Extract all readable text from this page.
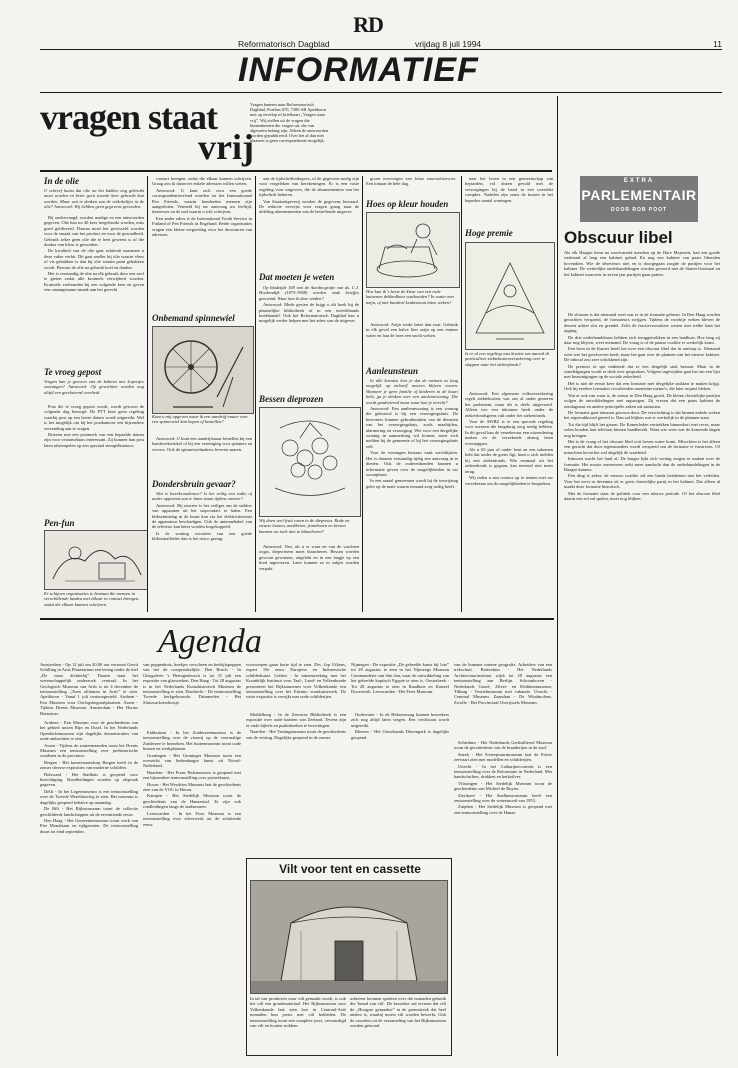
RD
Reformatorisch Dagblad	vrijdag 8 juli 1994	11
INFORMATIEF
vragen staat
vrij
Vragen kunnen naar Reformatorisch Dagblad, Postbus 670, 7300 AR Apeldoorn met op envelop of briefkaart „Vragen staat vrij”. Wij stellen uit de vragen die binnenkomen die vragen uit, die van algemeen belang zijn. Alleen de antwoorden worden gepubliceerd. Over het al dan niet plaatsen is geen correspondentie mogelijk.
In de olie
U schreef laatst dat olie na het bakken nog gebruikt moet worden en beter geen tweede keer gebruikt kan worden. Maar wat te denken van de vetkokeltjes in de olie? Antwoord: Wij hebben geen gegevens gevonden.

Bij ondervraagd, worden aardige en een antwoorden gegeven. Olie kan tot 40 keer hergebruikt worden, mits goed gefiltreerd. Daarna moet het gewisseld worden voor de smaak van het product en voor de gezondheid. Gebruik zeker geen olie die te heet geweest is of die donker van kleur is geworden.

De kwaliteit van de olie gaat achteruit naarmate u deze vaker verhit. Dit gaat sneller bij olie waarin vlees of vis gebakken is dan bij olie waarin patat gebakken wordt. Bewaar de olie na gebruik koel en donker.

Het is verstandig de olie na elk gebruik door een zeef te gieten zodat alle kruimels verwijderd worden. Kruimels verbranden bij een volgende keer en geven een onaangename smaak aan het gerecht.

Te vroeg gepost
Vragen kan je gewoon van de kabinet met kopertjes ontvangen? Antwoord: Op gewichten worden nog altijd een gerelateerd overheid.

Post die te vroeg gepost wordt, wordt gewoon de volgende dag bezorgd. De PTT kent geen regeling waarbij post op een latere datum wordt uitgereikt. Wel is het mogelijk om bij het postkantoor een bijzondere verzending aan te vragen.

Brieven met een postmerk van een bepaalde datum zijn voor verzamelaars interessant. Zij kunnen hun post laten afstempelen op een speciaal stempelkantoor.

Pen-fun
Er schijnen organisaties te bestaan die mensen in verschillende landen met elkaar in contact brengen, zodat die elkaar kunnen schrijven.

contact brengen, zodat die elkaar kunnen schrijven. Graag zou ik daarover enkele adressen willen weten.

Antwoord: U kunt zich voor een goede correspondentievriend wenden tot het Internationaal Pen Friends, waarin honderden mensen zijn aangesloten. Vermeld bij uw aanvraag uw leeftijd, interesses en de taal waarin u wilt schrijven.

Een ander adres is de International Youth Service in Finland of Pen Friends in Engeland. Beide organisaties vragen een kleine vergoeding voor het doorsturen van adressen.

Onbemand spinnewiel
Kunt u mij opgeven waar ik een aandrijf-snaar voor een spinnewiel kan kopen of bestellen?

Antwoord: U kunt een aandrijfsnaar bestellen bij een handwerkwinkel of bij een vereniging voor spinners en wevers. Ook de spinnewielmakers leveren snaren.

Dondersbruin gevaar?

Wat is kweekcondensor? Is het veilig een radio of ander apparaat aan te laten staan tijdens onweer?

Antwoord: Bij onweer is het veiliger om de stekker van apparaten uit het stopcontact te halen. Een blikseminslag in de buurt kan via het elektriciteitsnet de apparatuur beschadigen. Ook de antennekabel van de televisie kan beter worden losgekoppeld.

Is de woning voorzien van een goede bliksemafleider dan is het risico gering.

aan de tijdschriftenkopers, of de gegevens nodig zijn voor vergeleken van berekeningen. Er is een vaste regeling voor uitgevers, die de abonnementen van het tijdschrift beheren.

Van Staatsuitgeverij worden de gegevens bewaard. De redactie verwijst voor vragen graag naar de afdeling abonnementen van de betreffende uitgever.

Dat moeten je weten

Op bladzijde 169 van de Autobiografie van ds. C.J. Hoekendijk (1873-1958) worden vaak briefjes genoemd. Waar kan ik deze vinden?

Antwoord: Mede gezien de krijgt u dit boek bij de plaatselijke bibliotheek of in een tweedehands boekhandel. Ook het Reformatorisch Dagblad kan u mogelijk verder helpen met het adres van de uitgever.

Bessen dieprozen
Wij doen veel fruit rozen in de diepvries. Rode en zwarte bessen, aardbeien, frambozen en kersen kunnen we toch niet te blancheren?

Antwoord: Nee, als u er waar en van de vruchten oogst, diepvriezen moet blancheren. Bessen worden gewoon gewassen, uitgelekt en in een laagje op een bord ingevroren. Later kunnen ze in zakjes worden verpakt.

groen overwegen van frisse zuurstoftoevoer. Een tomaat de hele dag.

Hoes op kleur houden
Hoe kan ik 't beste de kleur van een rode katoenen dekbedhoes vasthouden? In water met azijn, of met handvol keukenzout laten weken?

Antwoord: Azijn werkt beter dan zout. Gebruik in elk geval een halve liter azijn op een emmer water en laat de hoes een nacht weken.

Aanleunsteun

In alle kranten lees je dat de mensen zo lang mogelijk op zichzelf moeten blijven wonen. Wanneer je geen familie of kinderen in de buurt hebt, ga je denken over een aanleunwoning. Die wordt geadviseerd maar waar kan je terecht?

Antwoord: Een aanleunwoning is een woning die gebouwd is bij een verzorgingshuis. De bewoners kunnen gebruikmaken van de diensten van het verzorgingshuis, zoals maaltijden, alarmering en verzorging. Wie voor een dergelijke woning in aanmerking wil komen, moet zich melden bij de gemeente of bij het verzorgingshuis zelf.

Voor de woningen bestaan vaak wachtlijsten. Het is daarom verstandig tijdig een aanvraag in te dienen. Ook de ouderenbonden kunnen u informatie geven over de mogelijkheden in uw woonplaats.

In een aantal gemeenten wordt bij de toewijzing gelet op de mate waarin iemand zorg nodig heeft.

naar het leven in een gemeenschap van bejaarden, vol dozen gevuld met de verzorgingen bij de hand in een overdekt complex. Nadelen zijn soms de kosten in het beperkte aantal woningen.

Hoge premie
Is er al een regeling was kruiste om aanval di particuliere ziektekostenverzekering over te stappen naar het ziekenfonds?

Antwoord: Een algemene volksverzekering regelt ziektekosten, wat ons al onder gesteren het parlement, maar dit is deels uitgevoerd. Alleen wie een inkomen heeft onder de ziekenfondsgrens valt onder het ziekenfonds.

Voor de AWBZ is er een speciale regeling voor mensen die langdurig zorg nodig hebben. In dit geval kan de verzekeraar een uitzondering maken en de verzekerde alsnog laten overstappen.

Als u 65 jaar of ouder bent en een inkomen hebt dat onder de grens ligt, kunt u zich melden bij een ziekenfonds. Wie eenmaal uit het ziekenfonds is gegaan, kan meestal niet meer terug.

Wij raden u aan contact op te nemen met uw verzekeraar om de mogelijkheden te bespreken.

EXTRA
PARLEMENTAIR
DOOR ROB POOT
Obscuur libel
Als elk Haagse kenn na voortvarend mesdien op de Hare Majesteit, had een goede vadertaal al lang een kabinet gehad. En nog een kabinet van paars liberalen bovendien. Wie de deserteurs niet en is doorgegaan zorgde de partijen voor het kabinet. De werkelijke onderhandelingen worden gevoerd met de Staten-Generaal en het kabinet waarover in zeven jaar partijen gaan praten.

De slotsom is dat niemand weet wat er in de formatie gebeurt. In Den Haag worden geruchten verspreid, de formateurs zwijgen. Tijdens de voorbije weken bleven de deuren achter slot en grendel. Zelfs de fractievoorzitters wisten niet welke kant het opging.

De drie onderhandelaars hebben zich teruggetrokken in een landhuis. Hoe lang zij daar nog blijven, weet niemand. De vraag is of de paarse coalitie er werkelijk komt.

Een bron in de Kamer heeft het over een obscuur libel dat in omloop is. Niemand weet wie het geschreven heeft, maar het gaat over de plannen van het nieuwe kabinet. De inhoud zou zeer schokkend zijn.

De premier in spe ontkende dat er een dergelijk stuk bestaat. Maar in de wandelgangen wordt er druk over gesproken. Volgens ingewijden gaat het om een lijst met bezuinigingen op de sociale zekerheid.

Het is niet de eerste keer dat een formatie met dergelijke stukken te maken krijgt. Ook bij eerdere formaties circuleerden anonieme memo's, die later onjuist bleken.

Wat er ook van waar is, de onrust in Den Haag groeit. De kleine christelijke partijen volgen de ontwikkelingen met argusogen. Zij vrezen dat een paars kabinet de zondagsrust en andere principiële zaken zal aantasten.

De formatie gaat intussen gewoon door. De verwachting is dat binnen enkele weken het regeerakkoord gereed is. Dan zal blijken wat er werkelijk in de plannen staat.

Tot die tijd blijft het gissen. De Kamerleden vertrekken binnenkort met reces, maar velen houden hun telefoon binnen handbereik. Want wie weet wat de komende dagen nog brengen.

Het is de vraag of het obscure libel ooit boven water komt. Misschien is het alleen een gerucht dat door tegenstanders wordt verspreid om de formatie te frustreren. Of misschien bevat het wel degelijk de waarheid.

Intussen wacht het land af. De burger lijkt zich weinig zorgen te maken over de formatie. Het mooie zomerweer trekt meer aandacht dan de onderhandelingen in de Haagse kamers.

Eén ding is zeker: de nieuwe coalitie zal een breuk betekenen met het verleden. Voor het eerst in decennia zit er geen christelijke partij in het kabinet. Dat alleen al maakt deze formatie historisch.

Met de formatie staat de politiek voor een nieuwe periode. Of het obscure libel daarin een rol zal spelen, moet nog blijken.

Agenda
Amsterdam - Op 12 juli om 20.00 uur vertoont Gerrit Schilling in Artis Planetarium een lezing onder de titel „De mast dichterbij”. Daarin staat het wetenschappelijk onderzoek centraal. In het Geologisch Museum van Artis is tot 4 december de tentoonstelling „Toen olifanten in Artis” te zien. Apeldoorn - Vanaf 1 juli tentoongesteld. Arnhem - Een Museum voor Oorlogsbegraafplaatsen. Assen - Tijdens Drents Museum. Amsterdam - Het Hortus Botanicus.

Arnhem - Een Museum voor de geschiedenis van het gebied tussen Rijn en IJssel. In het Nederlands Openluchtmuseum zijn dagelijks demonstraties van oude ambachten te zien.

Assen - Tijdens de zomermaanden toont het Drents Museum een tentoonstelling over prehistorische vondsten in de provincie.

Bergen - Het kunstenaarsdorp Bergen heeft in de zomer diverse exposities van moderne schilders.

Bolsward - Het Stadhuis is geopend voor bezichtiging. Rondleidingen worden op afspraak gegeven.

Delft - In het Legermuseum is een tentoonstelling over de Tweede Wereldoorlog te zien. Het museum is dagelijks geopend behalve op maandag.

De Bilt - Het Rijksmuseum toont de collectie geschilderde landschappen uit de zeventiende eeuw.

Den Haag - Het Gemeentemuseum toont werk van Piet Mondriaan en tijdgenoten. De tentoonstelling duurt tot eind september.

van poppenhuis, boekjes verscheen en bedrijfspoppen van het de oorspronkelijke. Den Bosch - In Glasgalerie 's Hertogenbosch is tot 31 juli een expositie van glaswerken. Den Haag - Tot 28 augustus is in het Nederlands Kunsthistorisch Museum de tentoonstelling te zien. Dordrecht - De tentoonstelling Tweede kerkgebouwde. Drimmelen - Het Sluiswachtershuisje.

Enkhuizen - In het Zuiderzeemuseum is de tentoonstelling over de visserij op de voormalige Zuiderzee te bezoeken. Het buitenmuseum toont oude huizen en werkplaatsen.

Groningen - Het Groninger Museum toont een overzicht van hedendaagse kunst uit Noord-Nederland.

Haarlem - Het Frans Halsmuseum is geopend met een bijzondere tentoonstelling over portretkunst.

Hoorn - Het Westfries Museum laat de geschiedenis zien van de VOC in Hoorn.

Kampen - Het Stedelijk Museum toont de geschiedenis van de Hanzestad. Er zijn ook rondleidingen langs de stadsmuren.

Leeuwarden - In het Fries Museum is een tentoonstelling over zilverwerk uit de achttiende eeuw.

voorwerpen gaan korte tijd te zien. Drs. Jop Uiltens, expert 19e eeuw Europese en Indonesische schilderkunst. Leiden - In samenwerking met het Koninklijk Instituut voor Taal-, Land- en Volkenkunde presenteert het Rijksmuseum voor Volkenkunde een tentoonstelling over het Eskimo vuurkunstwerk. De vaste expositie is verrijkt met oude schilderijen.

Middelburg - In de Zeeuwse Bibliotheek is een expositie over oude kaarten van Zeeland. Tevens zijn er oude bijbels en psalmboeken te bezichtigen.

Naarden - Het Vestingmuseum toont de geschiedenis van de vesting. Dagelijks geopend in de zomer.

Nijmegen - De expositie „De geheelde kunst bij 1ste” tot 28 augustus te zien in het Nijmeegs Museum Commanderie van Sint Jan, waar de ontwikkeling van het geheelde koptisch Egypte te zien is. Oosterbeek - Tot 28 augustus te zien in Raadhuis en Kasteel Doorwerth. Leeuwarden - Het Fries Museum.

Oudewater - In de Heksenwaag kunnen bezoekers zich nog altijd laten wegen. Een certificaat wordt uitgereikt.

Rhenen - Het Ouwehands Dierenpark is dagelijks geopend.

van de humane interne geografie. Arbeiders van een trekschuit. Rotterdam - Het Nederlands Architectuurinstituut wijdt tot 28 augustus een tentoonstelling aan Berlijn. Schoonhoven - Nederlands Goud-, Zilver- en Klokkenmuseum. Tilburg - Textielmuseum met vakantie. Utrecht - Centraal Museum. Zaandam - De Windmolens. Zwolle - Het Provinciaal Overijssels Museum.

Schiedam - Het Nederlands Gedistilleerd Museum toont de geschiedenis van de branderijen in de stad.

Sneek - Het Scheepvaartmuseum laat de Friese zeevaart zien met modellen en schilderijen.

Utrecht - In het Catharijneconvent is een tentoonstelling over de Reformatie in Nederland. Met handschriften, drukken en kerkzilver.

Vlissingen - Het Stedelijk Museum toont de geschiedenis van Michiel de Ruyter.

Zierikzee - Het Stadhuismuseum heeft een tentoonstelling over de watersnood van 1953.

Zutphen - Het Stedelijk Museum is geopend met een tentoonstelling over de Hanze.

Vilt voor tent en cassette
In tal van producten waar vilt gemaakt wordt, is ook het vilt een grondmateriaal. Het Rijksmuseum voor Volkenkunde laat zien hoe in Centraal-Azië nomaden hun joerts met vilt bekleden. De tentoonstelling toont een complete joert, vervaardigd van vilt en houten stokken.
achteren bronnen spreken over die nomaden gebruik die 'brand van vilt'. De bezoeker zal ervaren dat vilt de „Hoogste gemaakte” in de grensstreek dat heel anders is, waarbij moest vilt worden bewerkt. Ook de cassettes uit de verzameling van het Rijksmuseum worden getoond.
